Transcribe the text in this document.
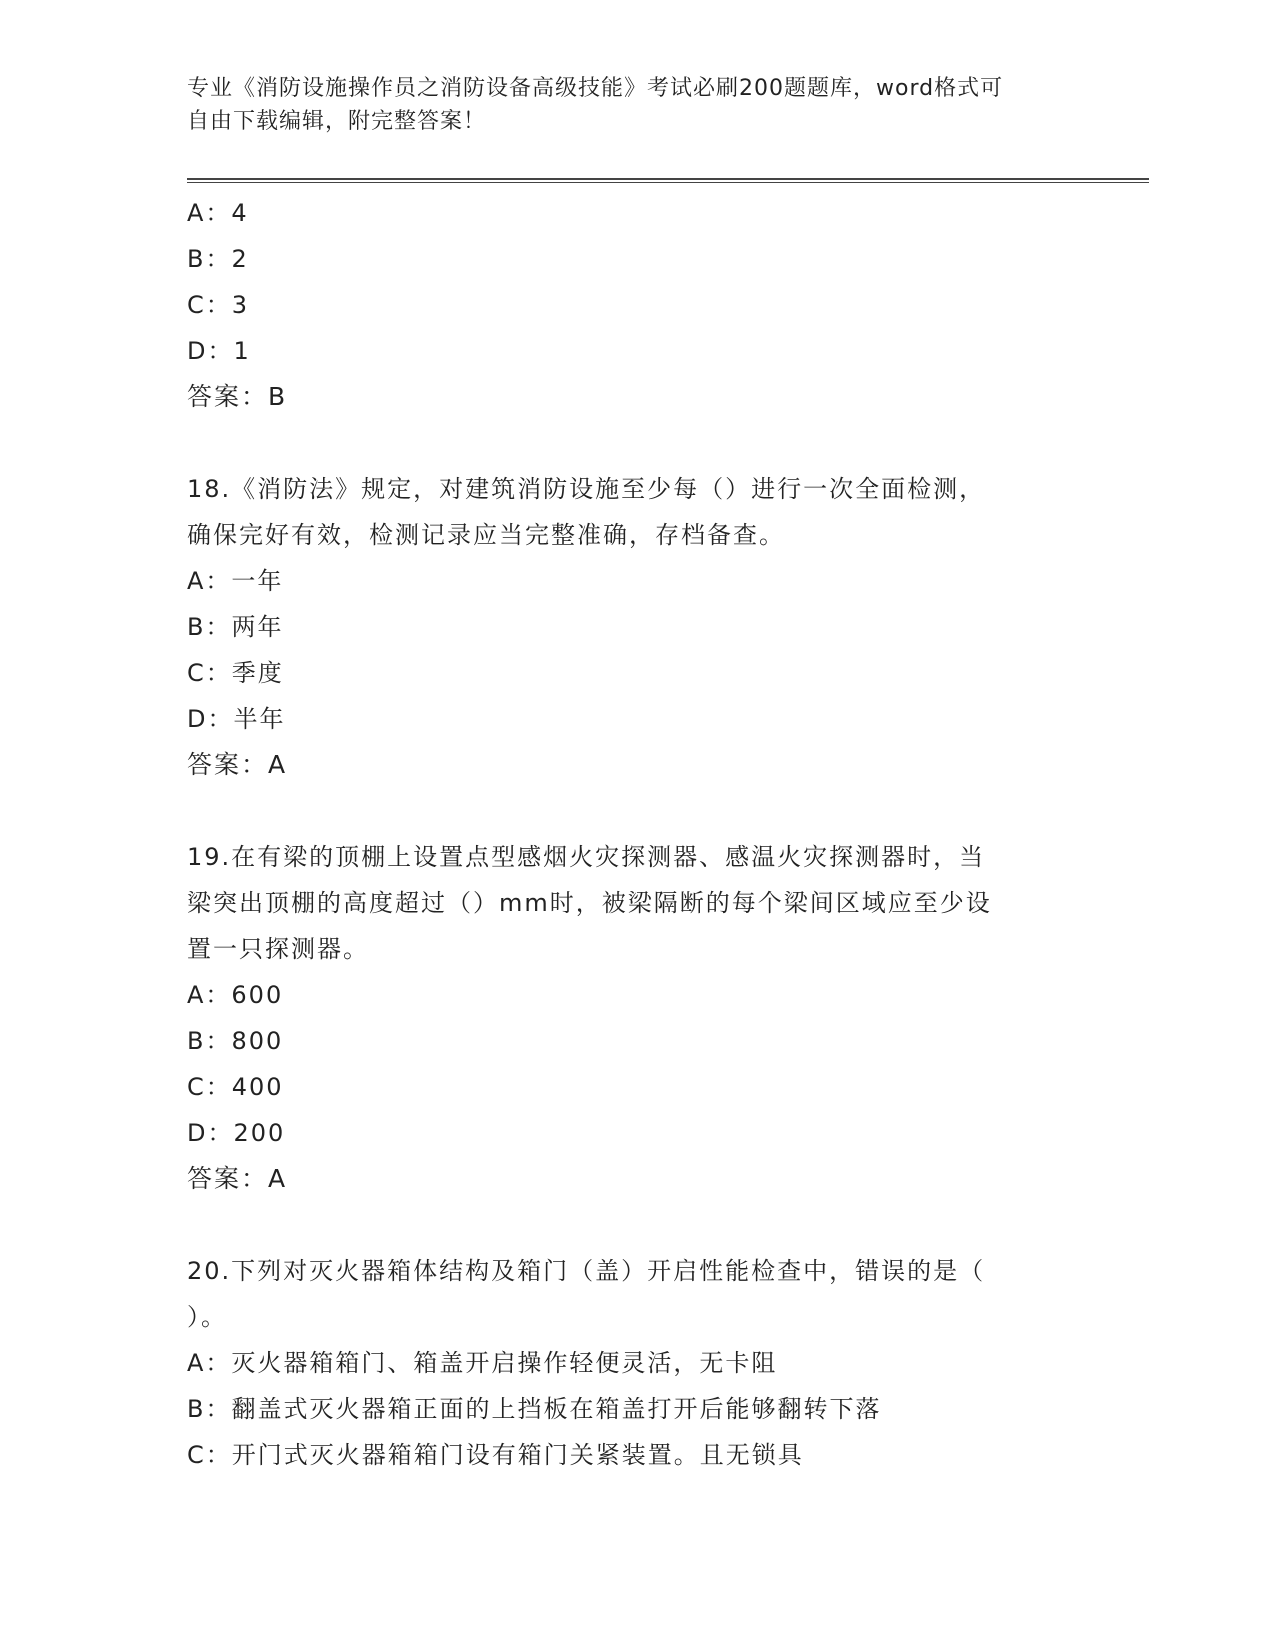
专业《消防设施操作员之消防设备高级技能》考试必刷200题题库，word格式可
自由下载编辑，附完整答案！
A：4
B：2
C：3
D：1
答案：B
18.《消防法》规定，对建筑消防设施至少每（）进行一次全面检测，
确保完好有效，检测记录应当完整准确，存档备查。
A：一年
B：两年
C：季度
D：半年
答案：A
19.在有梁的顶棚上设置点型感烟火灾探测器、感温火灾探测器时，当
梁突出顶棚的高度超过（）mm时，被梁隔断的每个梁间区域应至少设
置一只探测器。
A：600
B：800
C：400
D：200
答案：A
20.下列对灭火器箱体结构及箱门（盖）开启性能检查中，错误的是（
）。
A：灭火器箱箱门、箱盖开启操作轻便灵活，无卡阻
B：翻盖式灭火器箱正面的上挡板在箱盖打开后能够翻转下落
C：开门式灭火器箱箱门设有箱门关紧装置。且无锁具
